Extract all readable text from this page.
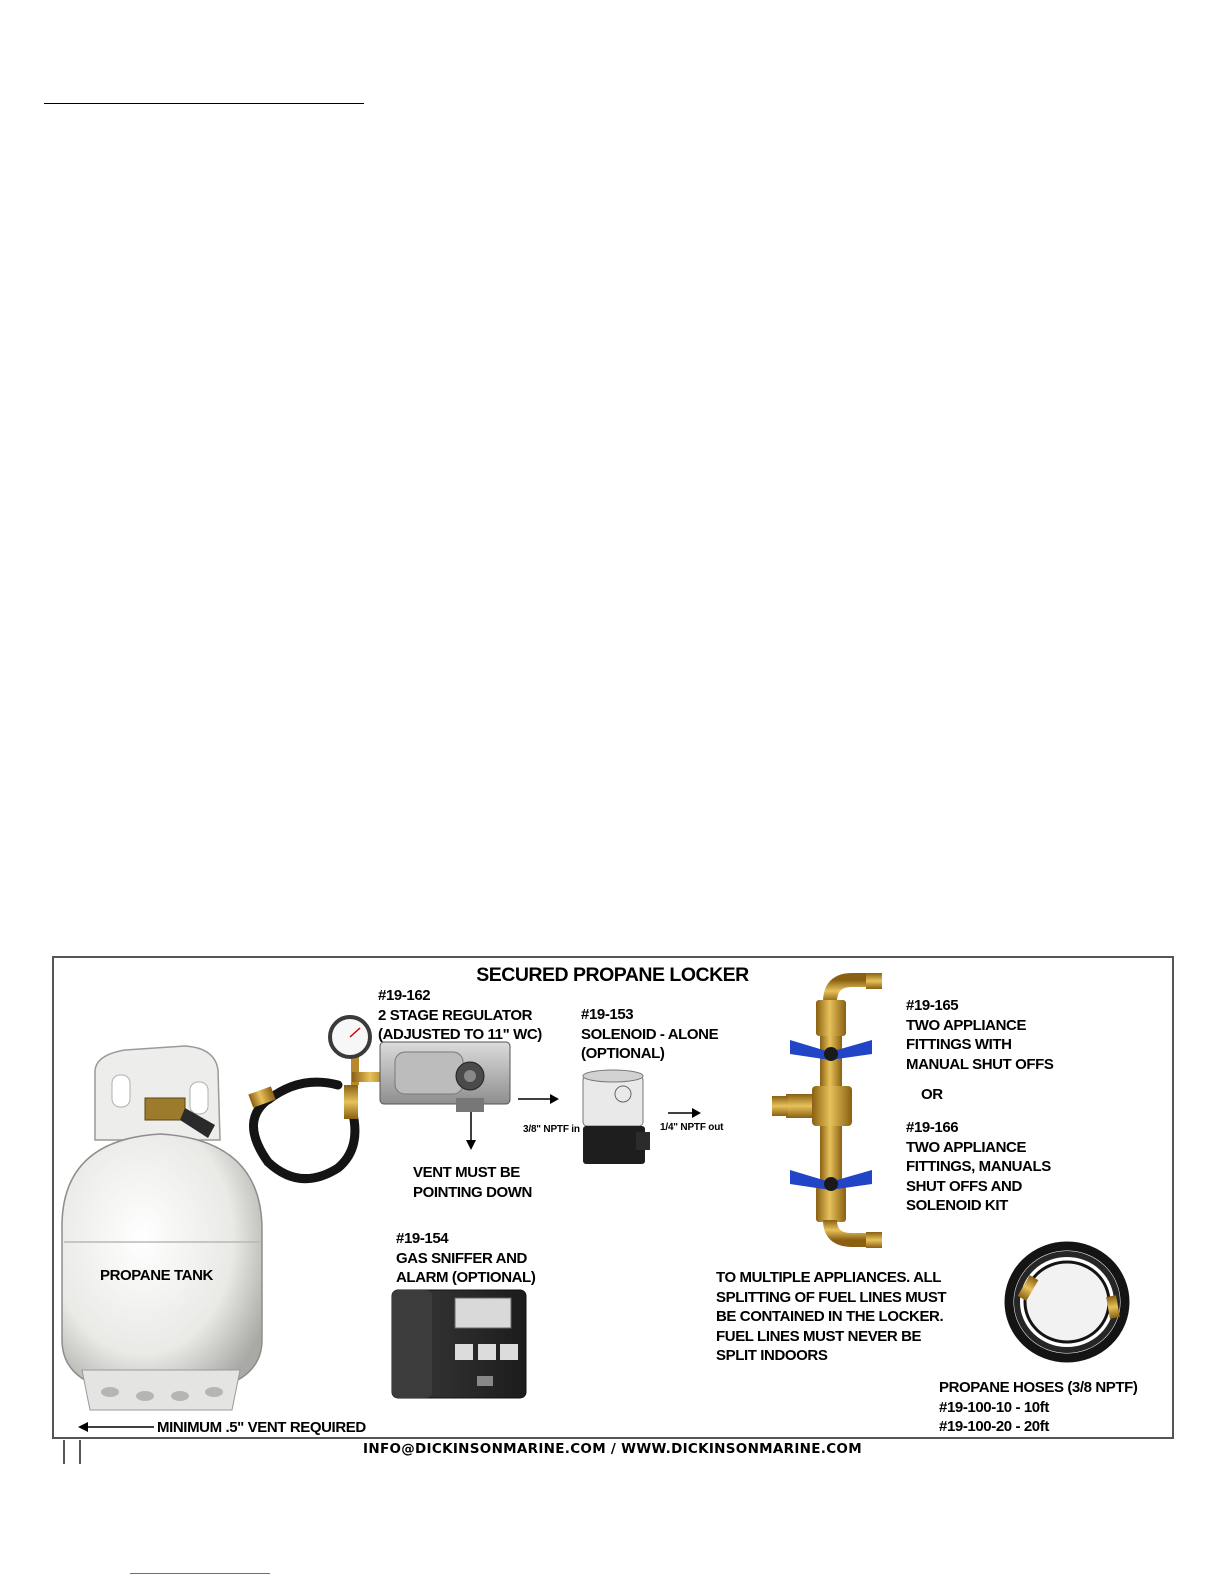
SECURED PROPANE LOCKER
#19-162
2 STAGE REGULATOR
(ADJUSTED TO 11" WC)
#19-153
SOLENOID - ALONE
(OPTIONAL)
3/8" NPTF in	1/4" NPTF out
VENT MUST BE
POINTING DOWN
#19-165
TWO APPLIANCE
FITTINGS WITH
MANUAL SHUT OFFS
OR
#19-166
TWO APPLIANCE
FITTINGS, MANUALS
SHUT OFFS AND
SOLENOID KIT
#19-154
GAS SNIFFER AND
ALARM (OPTIONAL)
PROPANE TANK	TO MULTIPLE APPLIANCES. ALL
SPLITTING OF FUEL LINES MUST
BE CONTAINED IN THE LOCKER.
FUEL LINES MUST NEVER BE
SPLIT INDOORS
PROPANE HOSES (3/8 NPTF)
#19-100-10 - 10ft
#19-100-20 - 20ft
MINIMUM .5" VENT REQUIRED
INFO@DICKINSONMARINE.COM / WWW.DICKINSONMARINE.COM
